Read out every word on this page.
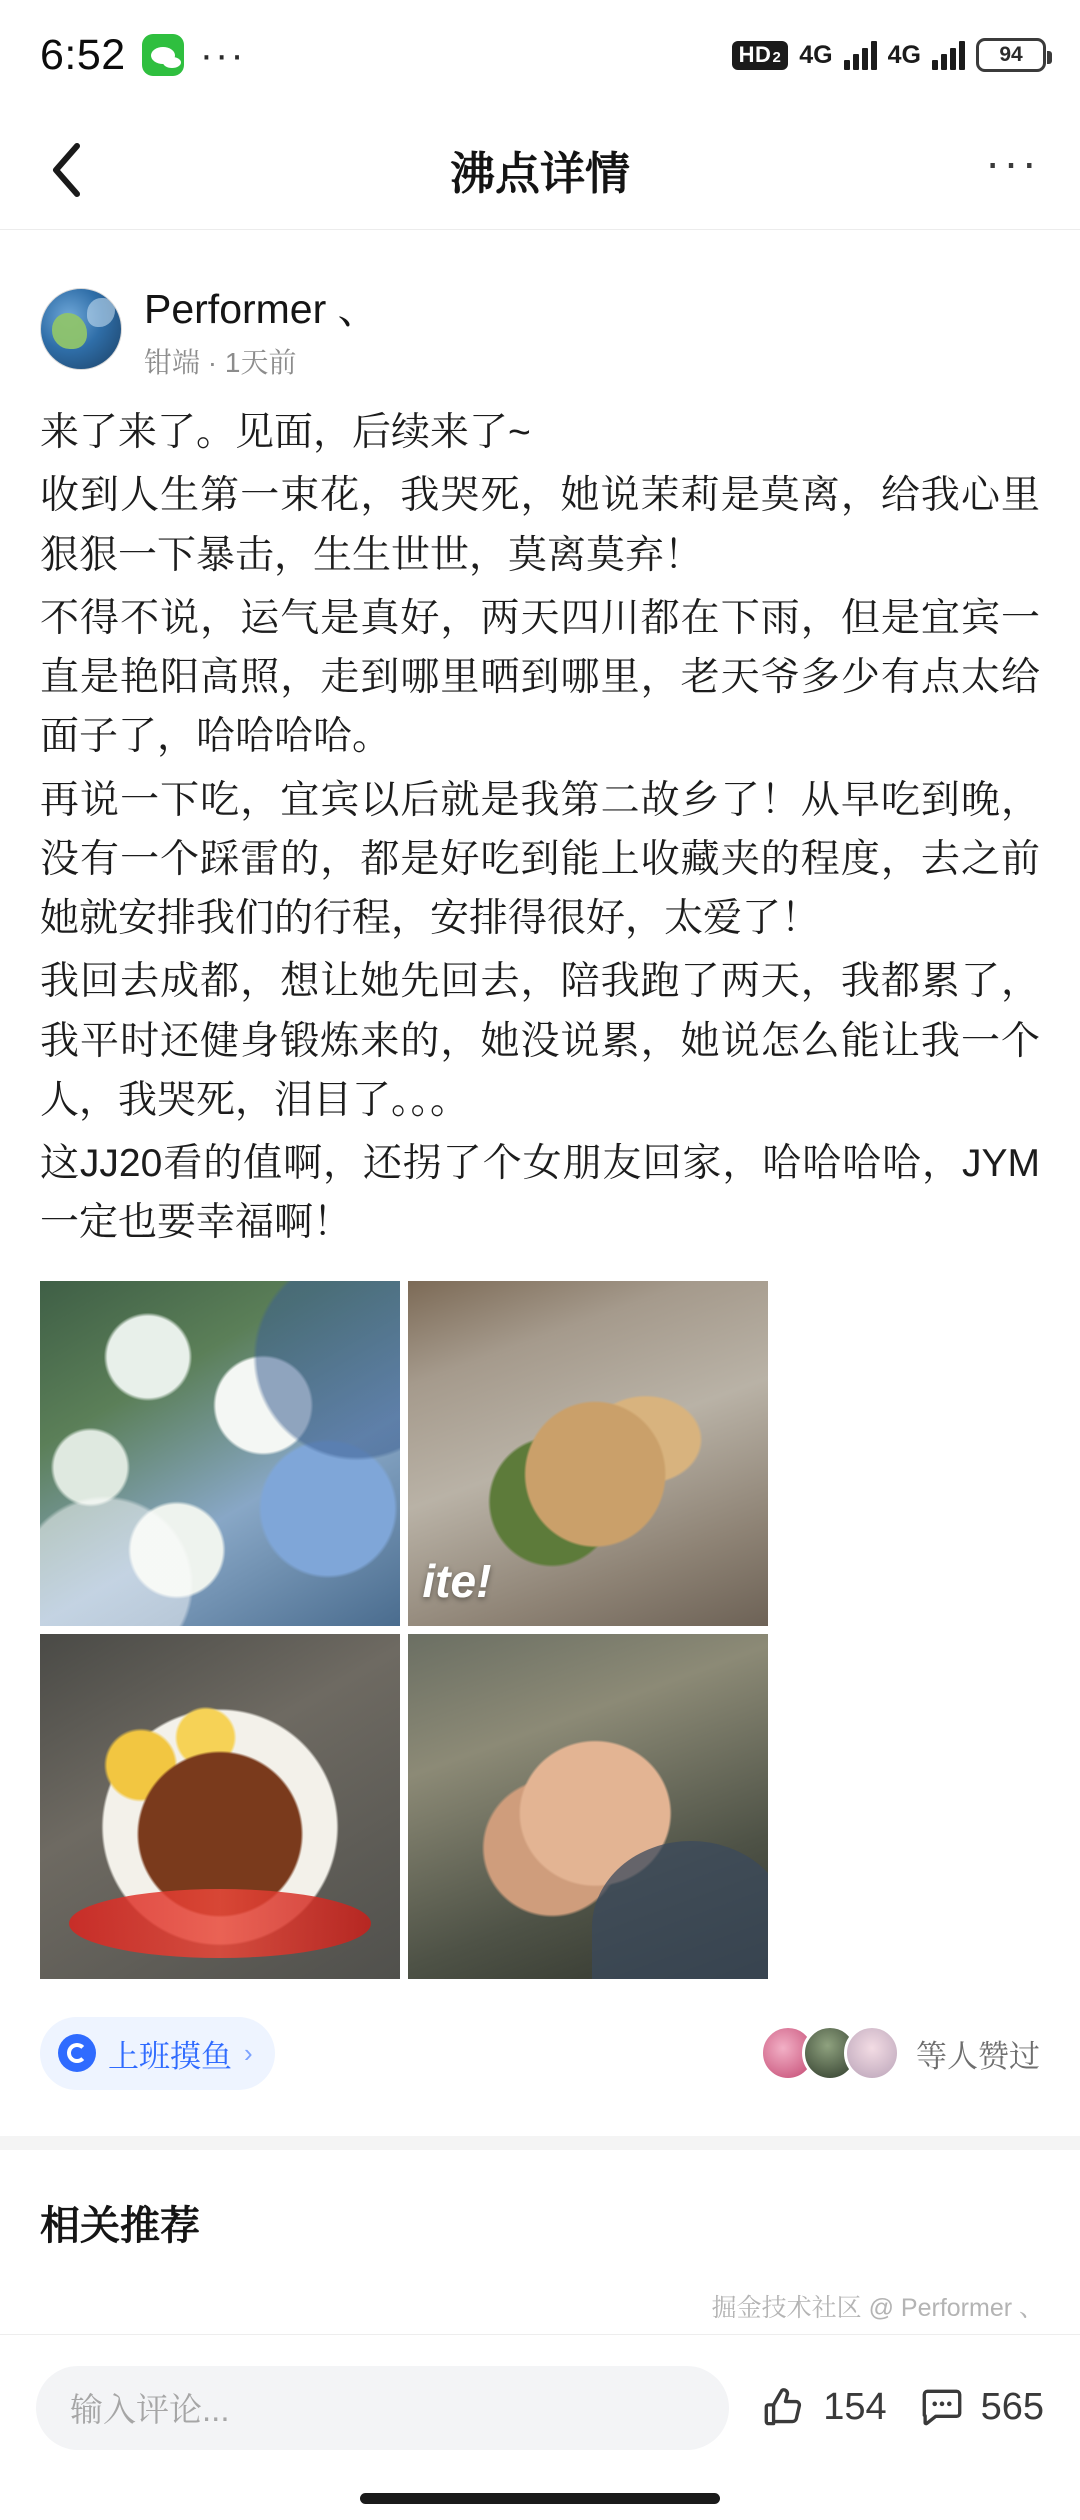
6:52 ···	HD 2 4G 4G	94
沸点详情	···
Performer 、
钳端 · 1天前

来了来了。见面，后续来了~

收到人生第一束花，我哭死，她说茉莉是莫离，给我心里狠狠一下暴击，生生世世，莫离莫弃！

不得不说，运气是真好，两天四川都在下雨，但是宜宾一直是艳阳高照，走到哪里晒到哪里，老天爷多少有点太给面子了，哈哈哈哈。

再说一下吃，宜宾以后就是我第二故乡了！从早吃到晚，没有一个踩雷的，都是好吃到能上收藏夹的程度，去之前她就安排我们的行程，安排得很好，太爱了！

我回去成都，想让她先回去，陪我跑了两天，我都累了，我平时还健身锻炼来的，她没说累，她说怎么能让我一个人，我哭死，泪目了。。。

这JJ20看的值啊，还拐了个女朋友回家，哈哈哈哈，JYM一定也要幸福啊！

ite!
上班摸鱼 ›	等人赞过
相关推荐
掘金技术社区 @ Performer 、
输入评论...	154 565
